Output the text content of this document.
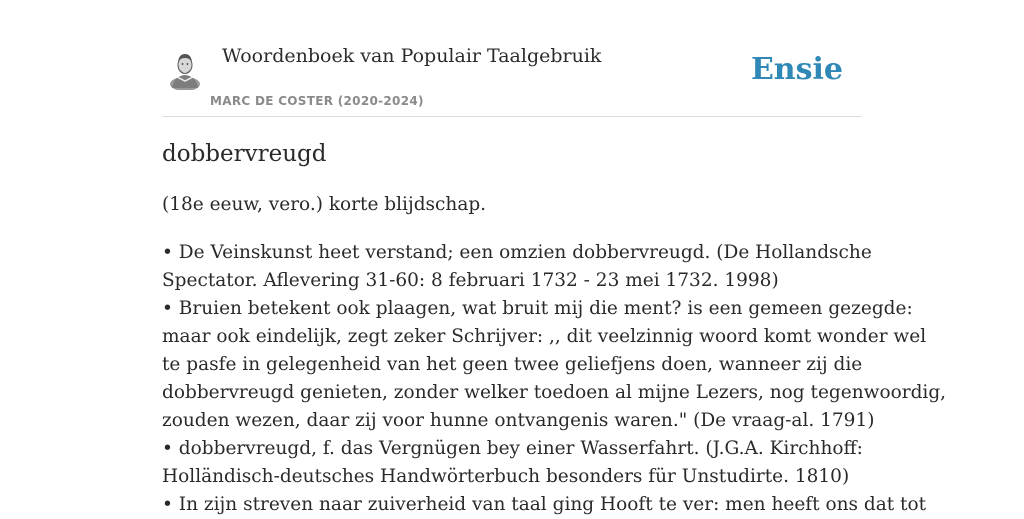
Woordenboek van Populair Taalgebruik
MARC DE COSTER (2020-2024)
Ensie
dobbervreugd
(18e eeuw, vero.) korte blijdschap.
• De Veinskunst heet verstand; een omzien dobbervreugd. (De Hollandsche
Spectator. Aflevering 31-60: 8 februari 1732 - 23 mei 1732. 1998)
• Bruien betekent ook plaagen, wat bruit mij die ment? is een gemeen gezegde:
maar ook eindelijk, zegt zeker Schrijver: ,, dit veelzinnig woord komt wonder wel
te pasfe in gelegenheid van het geen twee geliefjens doen, wanneer zij die
dobbervreugd genieten, zonder welker toedoen al mijne Lezers, nog tegenwoordig,
zouden wezen, daar zij voor hunne ontvangenis waren." (De vraag-al. 1791)
• dobbervreugd, f. das Vergnügen bey einer Wasserfahrt. (J.G.A. Kirchhoff:
Holländisch-deutsches Handwörterbuch besonders für Unstudirte. 1810)
• In zijn streven naar zuiverheid van taal ging Hooft te ver: men heeft ons dat tot
